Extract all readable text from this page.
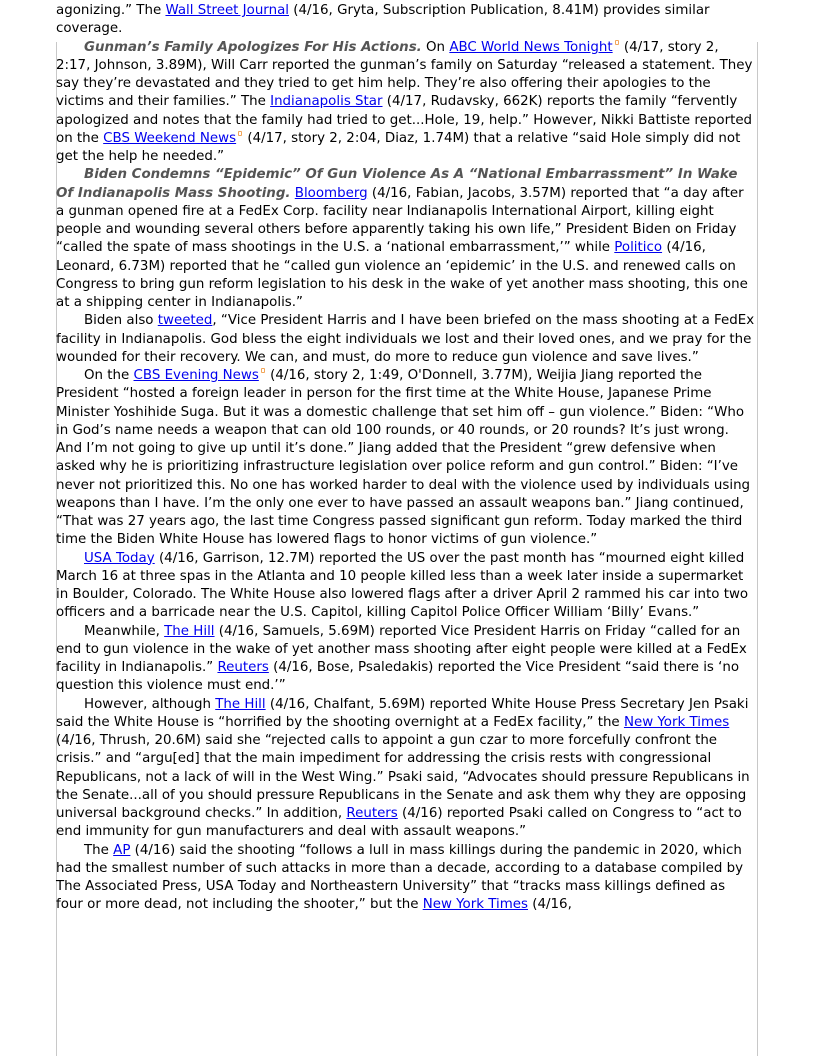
agonizing.” The Wall Street Journal (4/16, Gryta, Subscription Publication, 8.41M) provides similar coverage.

Gunman’s Family Apologizes For His Actions. On ABC World News Tonight (4/17, story 2, 2:17, Johnson, 3.89M), Will Carr reported the gunman’s family on Saturday “released a statement. They say they’re devastated and they tried to get him help. They’re also offering their apologies to the victims and their families.” The Indianapolis Star (4/17, Rudavsky, 662K) reports the family “fervently apologized and notes that the family had tried to get...Hole, 19, help.” However, Nikki Battiste reported on the CBS Weekend News (4/17, story 2, 2:04, Diaz, 1.74M) that a relative “said Hole simply did not get the help he needed.”

Biden Condemns “Epidemic” Of Gun Violence As A “National Embarrassment” In Wake Of Indianapolis Mass Shooting. Bloomberg (4/16, Fabian, Jacobs, 3.57M) reported that “a day after a gunman opened fire at a FedEx Corp. facility near Indianapolis International Airport, killing eight people and wounding several others before apparently taking his own life,” President Biden on Friday “called the spate of mass shootings in the U.S. a ‘national embarrassment,’” while Politico (4/16, Leonard, 6.73M) reported that he “called gun violence an ‘epidemic’ in the U.S. and renewed calls on Congress to bring gun reform legislation to his desk in the wake of yet another mass shooting, this one at a shipping center in Indianapolis.”

Biden also tweeted, “Vice President Harris and I have been briefed on the mass shooting at a FedEx facility in Indianapolis. God bless the eight individuals we lost and their loved ones, and we pray for the wounded for their recovery. We can, and must, do more to reduce gun violence and save lives.”

On the CBS Evening News (4/16, story 2, 1:49, O'Donnell, 3.77M), Weijia Jiang reported the President “hosted a foreign leader in person for the first time at the White House, Japanese Prime Minister Yoshihide Suga. But it was a domestic challenge that set him off – gun violence.” Biden: “Who in God’s name needs a weapon that can old 100 rounds, or 40 rounds, or 20 rounds? It’s just wrong. And I’m not going to give up until it’s done.” Jiang added that the President “grew defensive when asked why he is prioritizing infrastructure legislation over police reform and gun control.” Biden: “I’ve never not prioritized this. No one has worked harder to deal with the violence used by individuals using weapons than I have. I’m the only one ever to have passed an assault weapons ban.” Jiang continued, “That was 27 years ago, the last time Congress passed significant gun reform. Today marked the third time the Biden White House has lowered flags to honor victims of gun violence.”

USA Today (4/16, Garrison, 12.7M) reported the US over the past month has “mourned eight killed March 16 at three spas in the Atlanta and 10 people killed less than a week later inside a supermarket in Boulder, Colorado. The White House also lowered flags after a driver April 2 rammed his car into two officers and a barricade near the U.S. Capitol, killing Capitol Police Officer William ‘Billy’ Evans.”

Meanwhile, The Hill (4/16, Samuels, 5.69M) reported Vice President Harris on Friday “called for an end to gun violence in the wake of yet another mass shooting after eight people were killed at a FedEx facility in Indianapolis.” Reuters (4/16, Bose, Psaledakis) reported the Vice President “said there is ‘no question this violence must end.’”

However, although The Hill (4/16, Chalfant, 5.69M) reported White House Press Secretary Jen Psaki said the White House is “horrified by the shooting overnight at a FedEx facility,” the New York Times (4/16, Thrush, 20.6M) said she “rejected calls to appoint a gun czar to more forcefully confront the crisis.” and “argu[ed] that the main impediment for addressing the crisis rests with congressional Republicans, not a lack of will in the West Wing.” Psaki said, “Advocates should pressure Republicans in the Senate...all of you should pressure Republicans in the Senate and ask them why they are opposing universal background checks.” In addition, Reuters (4/16) reported Psaki called on Congress to “act to end immunity for gun manufacturers and deal with assault weapons.”

The AP (4/16) said the shooting “follows a lull in mass killings during the pandemic in 2020, which had the smallest number of such attacks in more than a decade, according to a database compiled by The Associated Press, USA Today and Northeastern University” that “tracks mass killings defined as four or more dead, not including the shooter,” but the New York Times (4/16,
